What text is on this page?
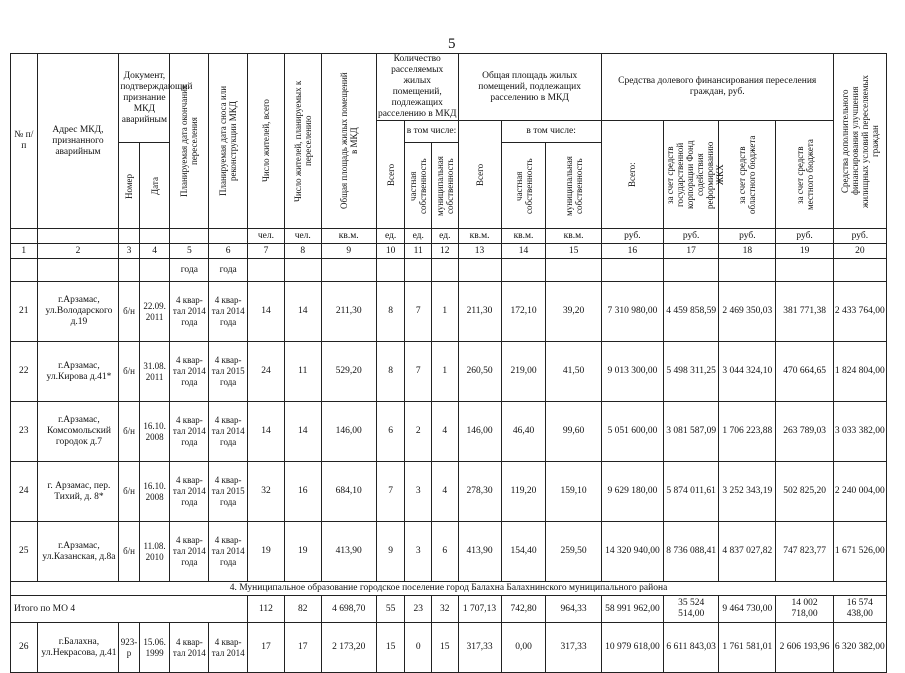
5
№ п/п	Адрес МКД, признанного аварийным	Документ, подтверждающий признание МКД аварийным		Планируемая дата окончания переселения	Планируемая дата сноса или реконструкции МКД	Число жителей, всего	Число жителей, планируемых к переселению	Общая площадь жилых помещений в МКД	Количество расселяемых жилых помещений, подлежащих расселению в МКД			Общая площадь жилых помещений, подлежащих расселению в МКД			Средства долевого финансирования переселения граждан, руб.				Средства дополнительного финансирования улучшения жилищных условий переселяемых граждан

									Всего	в том числе:		Всего	в том числе:		Всего:	за счет средств государственной корпорации Фонд содействия реформированию ЖКХ	за счет средств областного бюджета	за счет средств местного бюджета	

		Номер	Дата							частная собственность	муниципальная собственность		частная собственность	муниципальная собственность					

						чел.	чел.	кв.м.	ед.	ед.	ед.	кв.м.	кв.м.	кв.м.	руб.	руб.	руб.	руб.	руб.
1	2	3	4	5	6	7	8	9	10	11	12	13	14	15	16	17	18	19	20
				года	года														
21	г.Арзамас, ул.Володарского д.19	б/н	22.09. 2011	4 квар-тал 2014 года	4 квар-тал 2014 года	14	14	211,30	8	7	1	211,30	172,10	39,20	7 310 980,00	4 459 858,59	2 469 350,03	381 771,38	2 433 764,00
22	г.Арзамас, ул.Кирова д.41*	б/н	31.08. 2011	4 квар-тал 2014 года	4 квар-тал 2015 года	24	11	529,20	8	7	1	260,50	219,00	41,50	9 013 300,00	5 498 311,25	3 044 324,10	470 664,65	1 824 804,00
23	г.Арзамас, Комсомольский городок д.7	б/н	16.10. 2008	4 квар-тал 2014 года	4 квар-тал 2014 года	14	14	146,00	6	2	4	146,00	46,40	99,60	5 051 600,00	3 081 587,09	1 706 223,88	263 789,03	3 033 382,00
24	г. Арзамас, пер. Тихий, д. 8*	б/н	16.10. 2008	4 квар-тал 2014 года	4 квар-тал 2015 года	32	16	684,10	7	3	4	278,30	119,20	159,10	9 629 180,00	5 874 011,61	3 252 343,19	502 825,20	2 240 004,00
25	г.Арзамас, ул.Казанская, д.8а	б/н	11.08. 2010	4 квар-тал 2014 года	4 квар-тал 2014 года	19	19	413,90	9	3	6	413,90	154,40	259,50	14 320 940,00	8 736 088,41	4 837 027,82	747 823,77	1 671 526,00
4. Муниципальное образование городское поселение город Балахна Балахнинского муниципального района																			
Итого по МО 4						112	82	4 698,70	55	23	32	1 707,13	742,80	964,33	58 991 962,00	35 524 514,00	9 464 730,00	14 002 718,00	16 574 438,00
26	г.Балахна, ул.Некрасова, д.41	923-р	15.06. 1999	4 квар-тал 2014	4 квар-тал 2014	17	17	2 173,20	15	0	15	317,33	0,00	317,33	10 979 618,00	6 611 843,03	1 761 581,01	2 606 193,96	6 320 382,00
